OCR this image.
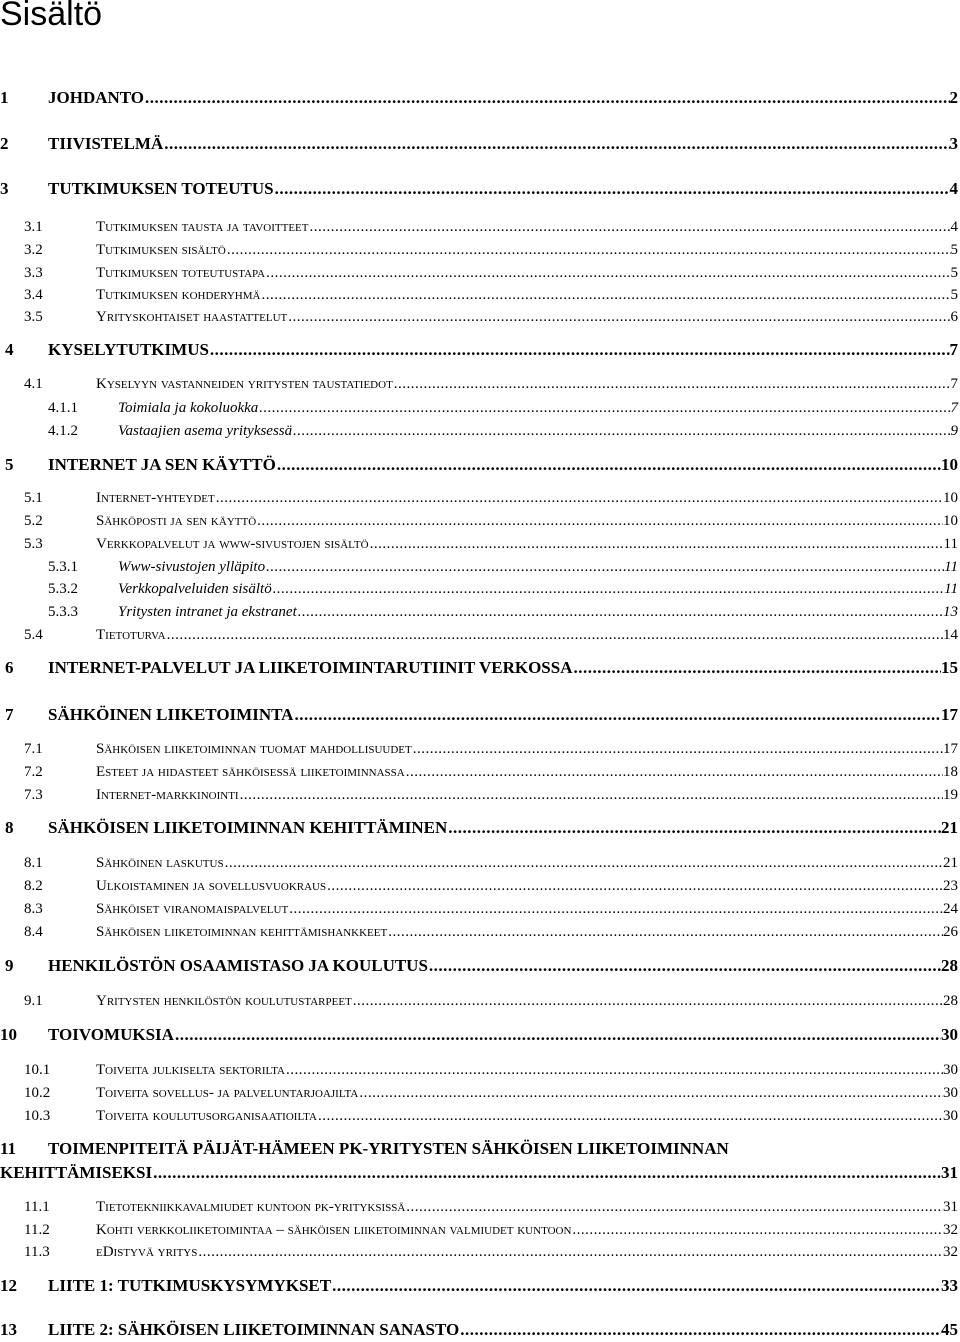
Sisältö
1 JOHDANTO .....	2
2 TIIVISTELMÄ .....	3
3 TUTKIMUKSEN TOTEUTUS .....	4
3.1	Tutkimuksen tausta ja tavoitteet .....	4
3.2	Tutkimuksen sisältö .....	5
3.3	Tutkimuksen toteutustapa .....	5
3.4	Tutkimuksen kohderyhmä .....	5
3.5	Yrityskohtaiset haastattelut .....	6
4 KYSELYTUTKIMUS .....	7
4.1	Kyselyyn vastanneiden yritysten taustatiedot .....	7
4.1.1	Toimiala ja kokoluokka .....	7
4.1.2	Vastaajien asema yrityksessä .....	9
5 INTERNET JA SEN KÄYTTÖ .....	10
5.1	Internet-yhteydet .....	10
5.2	Sähköposti ja sen käyttö .....	10
5.3	Verkkopalvelut ja www-sivustojen sisältö .....	11
5.3.1	Www-sivustojen ylläpito .....	11
5.3.2	Verkkopalveluiden sisältö .....	11
5.3.3	Yritysten intranet ja ekstranet .....	13
5.4	Tietoturva .....	14
6 INTERNET-PALVELUT JA LIIKETOIMINTARUTIINIT VERKOSSA .....	15
7 SÄHKÖINEN LIIKETOIMINTA .....	17
7.1	Sähköisen liiketoiminnan tuomat mahdollisuudet .....	17
7.2	Esteet ja hidasteet sähköisessä liiketoiminnassa .....	18
7.3	Internet-markkinointi .....	19
8 SÄHKÖISEN LIIKETOIMINNAN KEHITTÄMINEN .....	21
8.1	Sähköinen laskutus .....	21
8.2	Ulkoistaminen ja sovellusvuokraus .....	23
8.3	Sähköiset viranomaispalvelut .....	24
8.4	Sähköisen liiketoiminnan kehittämishankkeet .....	26
9 HENKILÖSTÖN OSAAMISTASO JA KOULUTUS .....	28
9.1	Yritysten henkilöstön koulutustarpeet .....	28
10 TOIVOMUKSIA .....	30
10.1	Toiveita julkiselta sektorilta .....	30
10.2	Toiveita sovellus- ja palveluntarjoajilta .....	30
10.3	Toiveita koulutusorganisaatioilta .....	30
11 TOIMENPITEITÄ PÄIJÄT-HÄMEEN PK-YRITYSTEN SÄHKÖISEN LIIKETOIMINNAN
KEHITTÄMISEKSI .....	31
11.1	Tietotekniikkavalmiudet kuntoon pk-yrityksissä .....	31
11.2	Kohti verkkoliiketoimintaa – sähköisen liiketoiminnan valmiudet kuntoon .....	32
11.3	eDistyvä yritys .....	32
12 LIITE 1: TUTKIMUSKYSYMYKSET .....	33
13 LIITE 2: SÄHKÖISEN LIIKETOIMINNAN SANASTO .....	45
